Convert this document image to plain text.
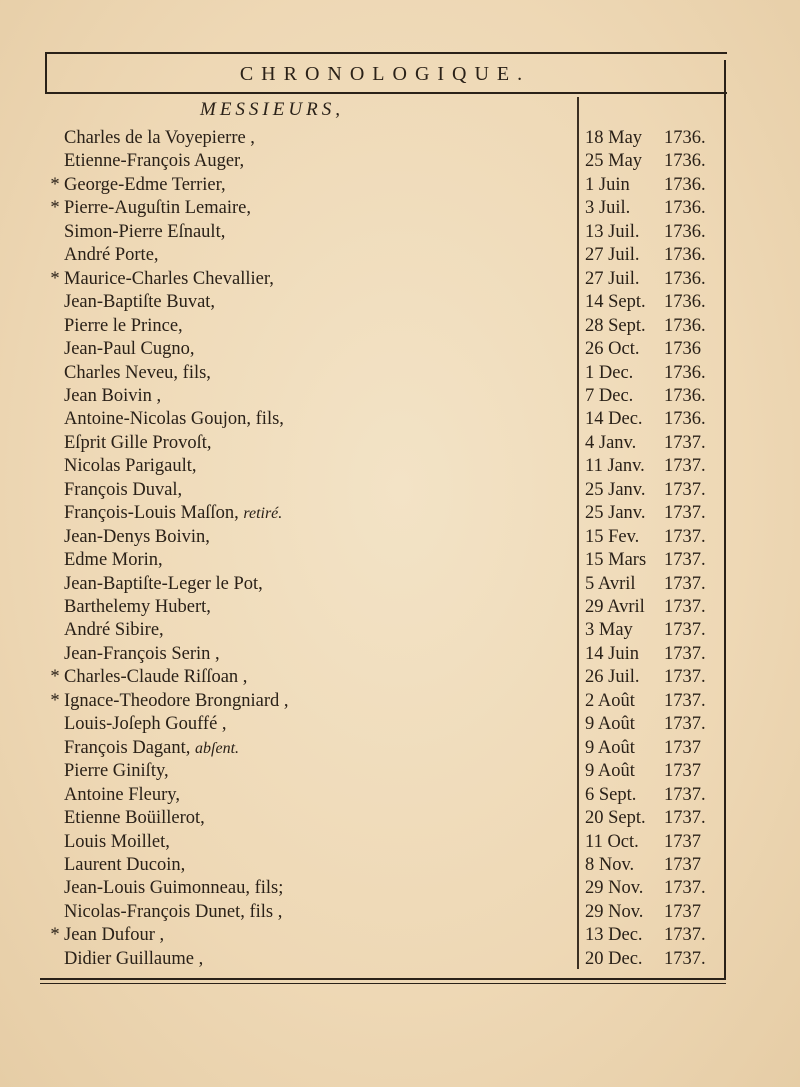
CHRONOLOGIQUE.
MESSIEURS,
Charles de la Voyepierre ,	18 May	1736.
Etienne-François Auger,	25 May	1736.
* George-Edme Terrier,	1 Juin	1736.
* Pierre-Auguſtin Lemaire,	3 Juil.	1736.
Simon-Pierre Eſnault,	13 Juil.	1736.
André Porte,	27 Juil.	1736.
* Maurice-Charles Chevallier,	27 Juil.	1736.
Jean-Baptiſte Buvat,	14 Sept. 1736.
Pierre le Prince,	28 Sept. 1736.
Jean-Paul Cugno,	26 Oct.	1736
Charles Neveu, fils,	1 Dec.	1736.
Jean Boivin ,	7 Dec.	1736.
Antoine-Nicolas Goujon, fils,	14 Dec.	1736.
Eſprit Gille Provoſt,	4 Janv.	1737.
Nicolas Parigault,	11 Janv.	1737.
François Duval,	25 Janv.	1737.
François-Louis Maſſon, retiré.	25 Janv.	1737.
Jean-Denys Boivin,	15 Fev.	1737.
Edme Morin,	15 Mars 1737.
Jean-Baptiſte-Leger le Pot,	5 Avril	1737.
Barthelemy Hubert,	29 Avril	1737.
André Sibire,	3 May	1737.
Jean-François Serin ,	14 Juin	1737.
* Charles-Claude Riſſoan ,	26 Juil.	1737.
* Ignace-Theodore Brongniard ,	2 Août	1737.
Louis-Joſeph Gouffé ,	9 Août	1737.
François Dagant, abſent.	9 Août	1737
Pierre Giniſty,	9 Août	1737
Antoine Fleury,	6 Sept.	1737.
Etienne Boüillerot,	20 Sept. 1737.
Louis Moillet,	11 Oct.	1737
Laurent Ducoin,	8 Nov.	1737
Jean-Louis Guimonneau, fils;	29 Nov.	1737.
Nicolas-François Dunet, fils ,	29 Nov.	1737
* Jean Dufour ,	13 Dec.	1737.
Didier Guillaume ,	20 Dec.	1737.
